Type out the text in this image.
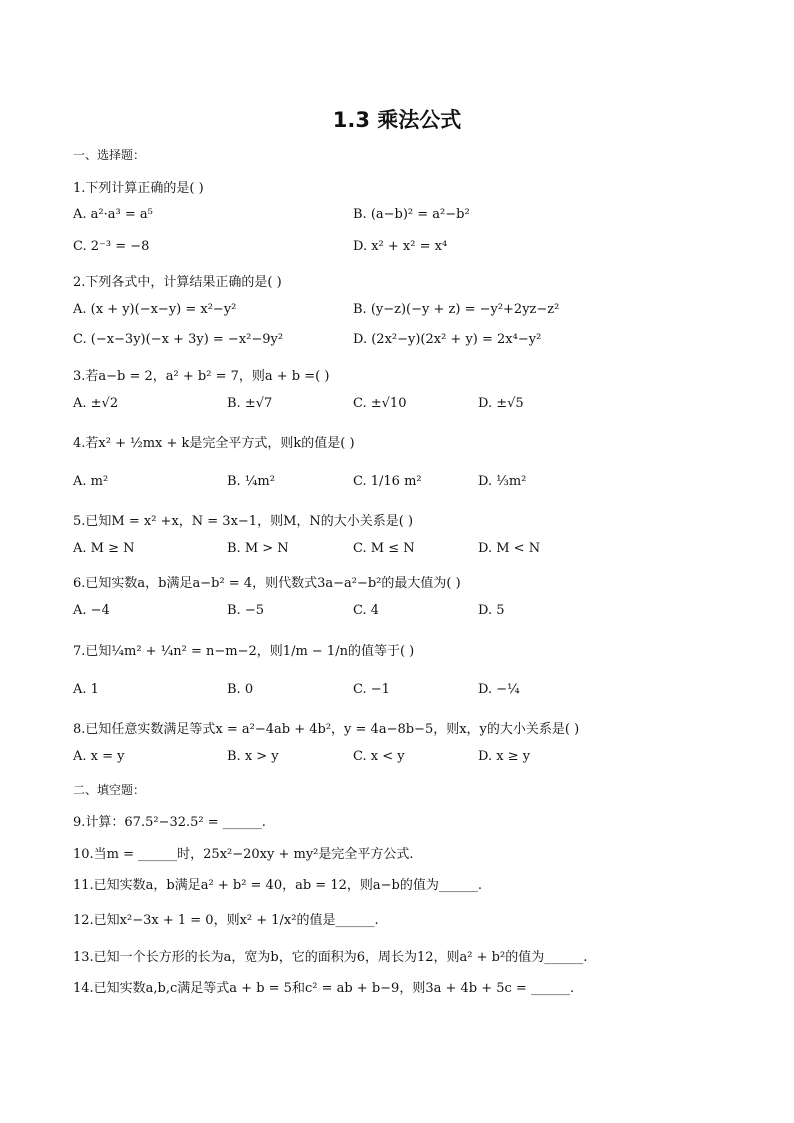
1.3 乘法公式
一、选择题：
1.下列计算正确的是( )
A. a²·a³ = a⁵	B. (a−b)² = a²−b²
C. 2⁻³ = −8	D. x² + x² = x⁴
2.下列各式中，计算结果正确的是( )
A. (x + y)(−x−y) = x²−y²	B. (y−z)(−y + z) = −y²+2yz−z²
C. (−x−3y)(−x + 3y) = −x²−9y²	D. (2x²−y)(2x² + y) = 2x⁴−y²
3.若a−b = 2，a² + b² = 7，则a + b =( )
A. ±√2	B. ±√7	C. ±√10	D. ±√5
4.若x² + ½mx + k是完全平方式，则k的值是( )
A. m²	B. ¼m²	C. 1/16 m²	D. ⅓m²
5.已知M = x² +x，N = 3x−1，则M，N的大小关系是( )
A. M ≥ N	B. M > N	C. M ≤ N	D. M < N
6.已知实数a，b满足a−b² = 4，则代数式3a−a²−b²的最大值为( )
A. −4	B. −5	C. 4	D. 5
7.已知¼m² + ¼n² = n−m−2，则1/m − 1/n的值等于( )
A. 1	B. 0	C. −1	D. −¼
8.已知任意实数满足等式x = a²−4ab + 4b²，y = 4a−8b−5，则x，y的大小关系是( )
A. x = y	B. x > y	C. x < y	D. x ≥ y
二、填空题：
9.计算：67.5²−32.5² = ______.
10.当m = ______时，25x²−20xy + my²是完全平方公式.
11.已知实数a，b满足a² + b² = 40，ab = 12，则a−b的值为______.
12.已知x²−3x + 1 = 0，则x² + 1/x²的值是______.
13.已知一个长方形的长为a，宽为b，它的面积为6，周长为12，则a² + b²的值为______.
14.已知实数a,b,c满足等式a + b = 5和c² = ab + b−9，则3a + 4b + 5c = ______.
